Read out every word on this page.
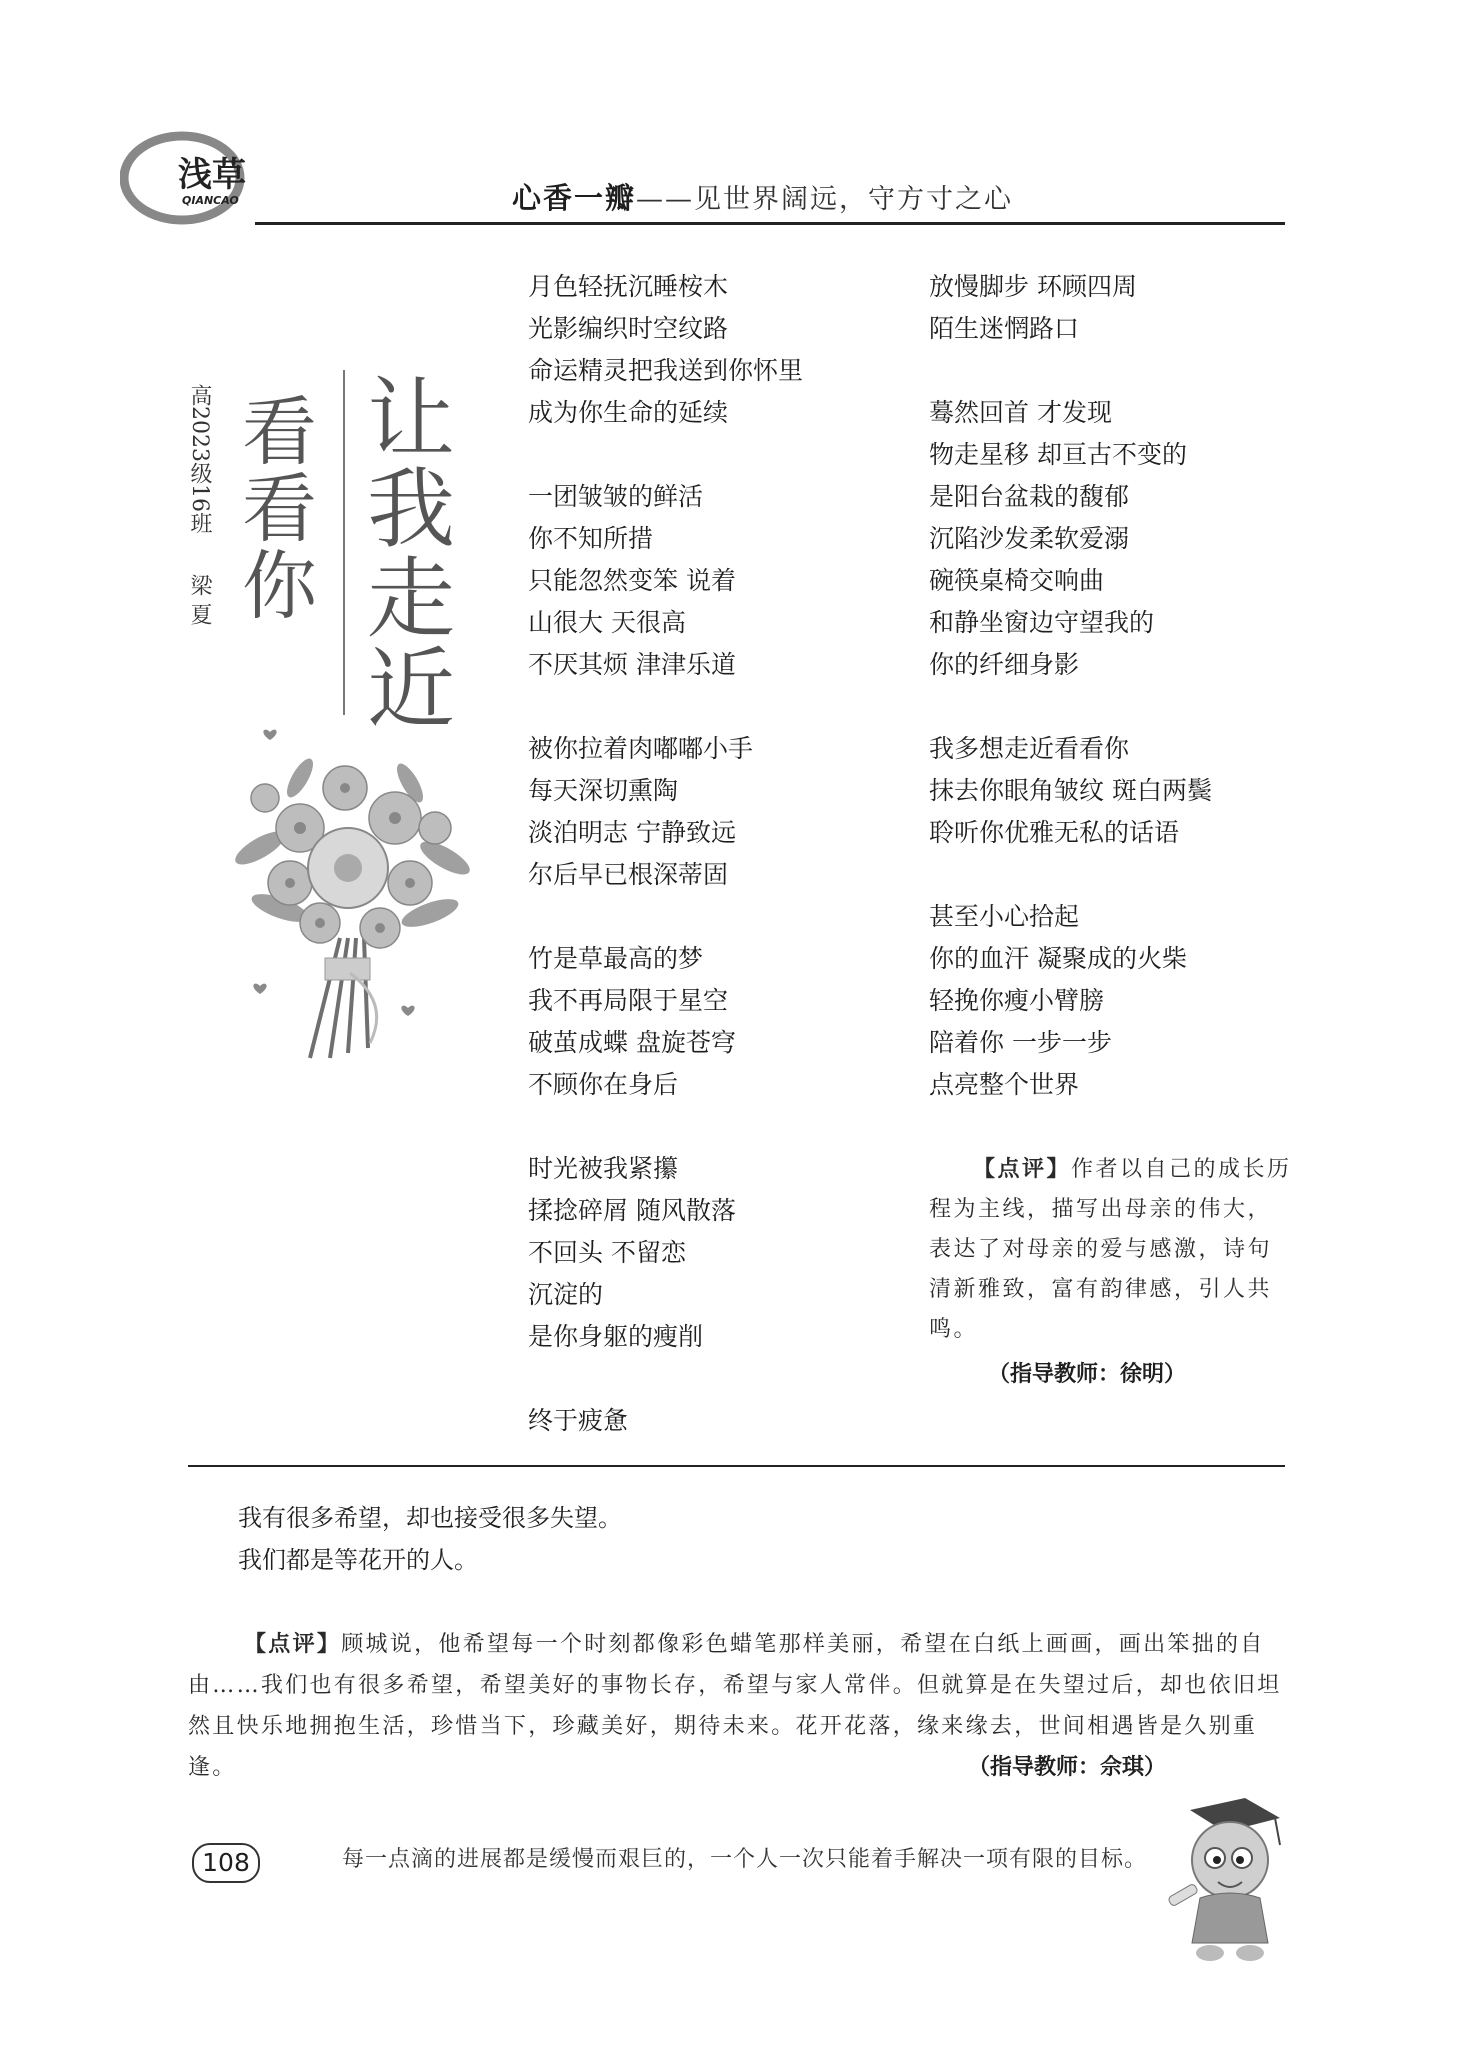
浅草
QIANCAO	心香一瓣——见世界阔远，守方寸之心
让我走近
看看你
高2023级16班梁 夏
月色轻抚沉睡桉木
光影编织时空纹路
命运精灵把我送到你怀里
成为你生命的延续
一团皱皱的鲜活
你不知所措
只能忽然变笨 说着
山很大 天很高
不厌其烦 津津乐道
被你拉着肉嘟嘟小手
每天深切熏陶
淡泊明志 宁静致远
尔后早已根深蒂固
竹是草最高的梦
我不再局限于星空
破茧成蝶 盘旋苍穹
不顾你在身后
时光被我紧攥
揉捻碎屑 随风散落
不回头 不留恋
沉淀的
是你身躯的瘦削
终于疲惫
放慢脚步 环顾四周
陌生迷惘路口
蓦然回首 才发现
物走星移 却亘古不变的
是阳台盆栽的馥郁
沉陷沙发柔软爱溺
碗筷桌椅交响曲
和静坐窗边守望我的
你的纤细身影
我多想走近看看你
抹去你眼角皱纹 斑白两鬓
聆听你优雅无私的话语
甚至小心拾起
你的血汗 凝聚成的火柴
轻挽你瘦小臂膀
陪着你 一步一步
点亮整个世界
【点评】作者以自己的成长历程为主线，描写出母亲的伟大，表达了对母亲的爱与感激，诗句清新雅致，富有韵律感，引人共鸣。
（指导教师：徐明）
我有很多希望，却也接受很多失望。
我们都是等花开的人。
【点评】顾城说，他希望每一个时刻都像彩色蜡笔那样美丽，希望在白纸上画画，画出笨拙的自由……我们也有很多希望，希望美好的事物长存，希望与家人常伴。但就算是在失望过后，却也依旧坦然且快乐地拥抱生活，珍惜当下，珍藏美好，期待未来。花开花落，缘来缘去，世间相遇皆是久别重逢。	（指导教师：佘琪）
108	每一点滴的进展都是缓慢而艰巨的，一个人一次只能着手解决一项有限的目标。
